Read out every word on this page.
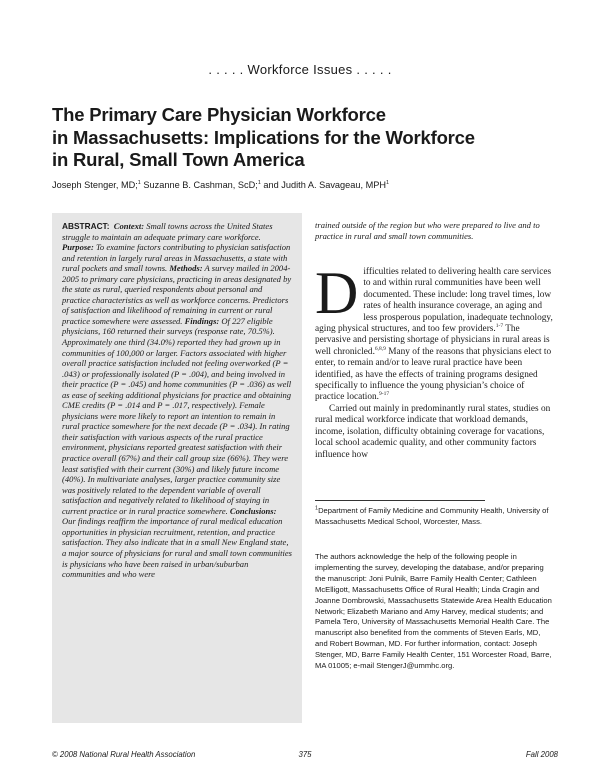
. . . . . Workforce Issues . . . . .
The Primary Care Physician Workforce
in Massachusetts: Implications for the Workforce
in Rural, Small Town America
Joseph Stenger, MD;$^1$ Suzanne B. Cashman, ScD;$^1$ and Judith A. Savageau, MPH$^1$

ABSTRACT: Context: Small towns across the United States struggle to maintain an adequate primary care workforce. Purpose: To examine factors contributing to physician satisfaction and retention in largely rural areas in Massachusetts, a state with rural pockets and small towns. Methods: A survey mailed in 2004-2005 to primary care physicians, practicing in areas designated by the state as rural, queried respondents about personal and practice characteristics as well as workforce concerns. Predictors of satisfaction and likelihood of remaining in current or rural practice somewhere were assessed. Findings: Of 227 eligible physicians, 160 returned their surveys (response rate, 70.5%). Approximately one third (34.0%) reported they had grown up in communities of 100,000 or larger. Factors associated with higher overall practice satisfaction included not feeling overworked (P = .043) or professionally isolated (P = .004), and being involved in their practice (P = .045) and home communities (P = .036) as well as ease of seeking additional physicians for practice and obtaining CME credits (P = .014 and P = .017, respectively). Female physicians were more likely to report an intention to remain in rural practice somewhere for the next decade (P = .034). In rating their satisfaction with various aspects of the rural practice environment, physicians reported greatest satisfaction with their practice overall (67%) and their call group size (66%). They were least satisfied with their current (30%) and likely future income (40%). In multivariate analyses, larger practice community size was positively related to the dependent variable of overall satisfaction and negatively related to likelihood of staying in current practice or in rural practice somewhere. Conclusions: Our findings reaffirm the importance of rural medical education opportunities in physician recruitment, retention, and practice satisfaction. They also indicate that in a small New England state, a major source of physicians for rural and small town communities is physicians who have been raised in urban/suburban communities and who were

trained outside of the region but who were prepared to live and to practice in rural and small town communities.

Difficulties related to delivering health care services to and within rural communities have been well documented. These include: long travel times, low rates of health insurance coverage, an aging and less prosperous population, inadequate technology, aging physical structures, and too few providers.$^{1-7}$ The pervasive and persisting shortage of physicians in rural areas is well chronicled.$^{6,8,9}$ Many of the reasons that physicians elect to enter, to remain and/or to leave rural practice have been identified, as have the effects of training programs designed specifically to influence the young physician’s choice of practice location.$^{9-17}$

Carried out mainly in predominantly rural states, studies on rural medical workforce indicate that workload demands, income, isolation, difficulty obtaining coverage for vacations, local school academic quality, and other community factors influence how

$^1$Department of Family Medicine and Community Health, University of Massachusetts Medical School, Worcester, Mass.
The authors acknowledge the help of the following people in implementing the survey, developing the database, and/or preparing the manuscript: Joni Pulnik, Barre Family Health Center; Cathleen McElligott, Massachusetts Office of Rural Health; Linda Cragin and Joanne Dombrowski, Massachusetts Statewide Area Health Education Network; Elizabeth Mariano and Amy Harvey, medical students; and Pamela Tero, University of Massachusetts Memorial Health Care. The manuscript also benefited from the comments of Steven Earls, MD, and Robert Bowman, MD. For further information, contact: Joseph Stenger, MD, Barre Family Health Center, 151 Worcester Road, Barre, MA 01005; e-mail StengerJ@ummhc.org.
© 2008 National Rural Health Association	375	Fall 2008
